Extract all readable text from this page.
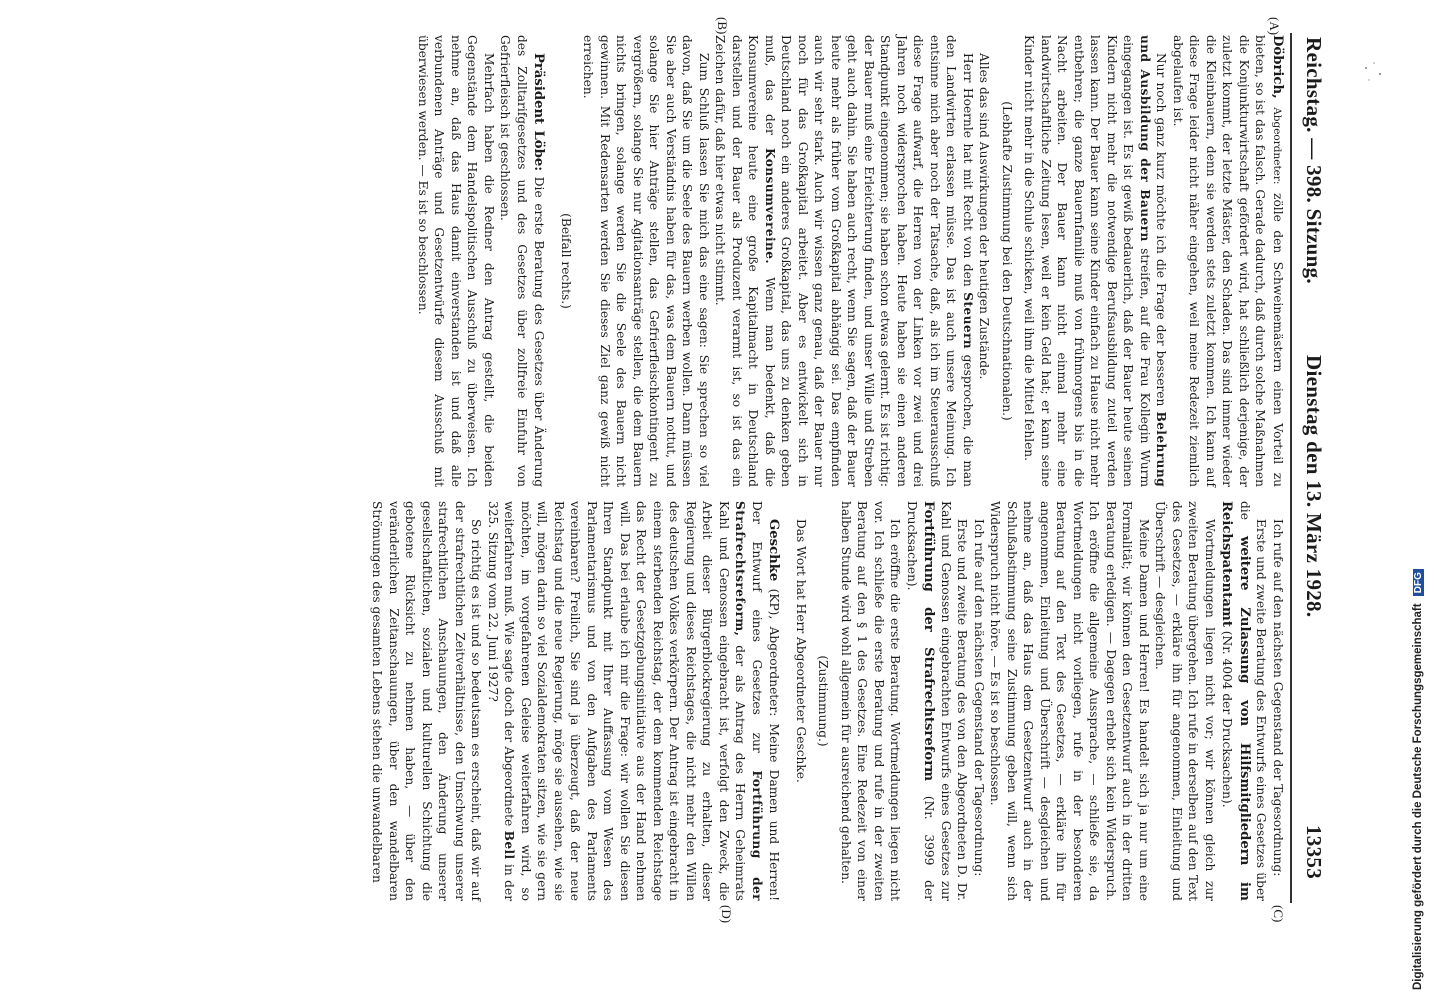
Reichstag. — 398. Sitzung.
Dienstag den 13. März 1928.
13353
(A)
(B)
(C)
(D)

Döbrich, Abgeordneter: zölle den Schweinemästern einen Vorteil zu bieten, so ist das falsch. Gerade dadurch, daß durch solche Maßnahmen die Konjunkturwirtschaft gefördert wird, hat schließlich derjenige, der zuletzt kommt, der letzte Mäster, den Schaden. Das sind immer wieder die Kleinbauern, denn sie werden stets zuletzt kommen. Ich kann auf diese Frage leider nicht näher eingehen, weil meine Redezeit ziemlich abgelaufen ist.

Nur noch ganz kurz möchte ich die Frage der besseren Belehrung und Ausbildung der Bauern streifen, auf die Frau Kollegin Wurm eingegangen ist. Es ist gewiß bedauerlich, daß der Bauer heute seinen Kindern nicht mehr die notwendige Berufsausbildung zuteil werden lassen kann. Der Bauer kann seine Kinder einfach zu Hause nicht mehr entbehren; die ganze Bauernfamilie muß von frühmorgens bis in die Nacht arbeiten. Der Bauer kann nicht einmal mehr eine landwirtschaftliche Zeitung lesen, weil er kein Geld hat; er kann seine Kinder nicht mehr in die Schule schicken, weil ihm die Mittel fehlen.

(Lebhafte Zustimmung bei den Deutschnationalen.)

Alles das sind Auswirkungen der heutigen Zustände.

Herr Hoernle hat mit Recht von den Steuern gesprochen, die man den Landwirten erlassen müsse. Das ist auch unsere Meinung. Ich entsinne mich aber noch der Tatsache, daß, als ich im Steuerausschuß diese Frage aufwarf, die Herren von der Linken vor zwei und drei Jahren noch widersprochen haben. Heute haben sie einen anderen Standpunkt eingenommen; sie haben schon etwas gelernt. Es ist richtig: der Bauer muß eine Erleichterung finden, und unser Wille und Streben geht auch dahin. Sie haben auch recht, wenn Sie sagen, daß der Bauer heute mehr als früher vom Großkapital abhängig sei. Das empfinden auch wir sehr stark. Auch wir wissen ganz genau, daß der Bauer nur noch für das Großkapital arbeitet. Aber es entwickelt sich in Deutschland noch ein anderes Großkapital, das uns zu denken geben muß, das der Konsumvereine. Wenn man bedenkt, daß die Konsumvereine heute eine große Kapitalmacht in Deutschland darstellen und der Bauer als Produzent verarmt ist, so ist das ein Zeichen dafür, daß hier etwas nicht stimmt.

Zum Schluß lassen Sie mich das eine sagen: Sie sprechen so viel davon, daß Sie um die Seele des Bauern werben wollen. Dann müssen Sie aber auch Verständnis haben für das, was dem Bauern nottut, und solange Sie hier Anträge stellen, das Gefrierfleischkontingent zu vergrößern, solange Sie nur Agitationsanträge stellen, die dem Bauern nichts bringen, solange werden Sie die Seele des Bauern nicht gewinnen. Mit Redensarten werden Sie dieses Ziel ganz gewiß nicht erreichen.

(Beifall rechts.)

Präsident Löbe: Die erste Beratung des Gesetzes über Änderung des Zolltarifgesetzes und des Gesetzes über zollfreie Einfuhr von Gefrierfleisch ist geschlossen.

Mehrfach haben die Redner den Antrag gestellt, die beiden Gegenstände dem Handelspolitischen Ausschuß zu überweisen. Ich nehme an, daß das Haus damit einverstanden ist und daß alle verbundenen Anträge und Gesetzentwürfe diesem Ausschuß mit überwiesen werden. — Es ist so beschlossen.

Ich rufe auf den nächsten Gegenstand der Tagesordnung:

Erste und zweite Beratung des Entwurfs eines Gesetzes über die weitere Zulassung von Hilfsmitgliedern im Reichspatentamt (Nr. 4004 der Drucksachen).

Wortmeldungen liegen nicht vor; wir können gleich zur zweiten Beratung übergehen. Ich rufe in derselben auf den Text des Gesetzes, — erkläre ihn für angenommen, Einleitung und Überschrift — desgleichen.

Meine Damen und Herren! Es handelt sich ja nur um eine Formalität; wir können den Gesetzentwurf auch in der dritten Beratung erledigen. — Dagegen erhebt sich kein Widerspruch. Ich eröffne die allgemeine Aussprache, — schließe sie, da Wortmeldungen nicht vorliegen, rufe in der besonderen Beratung auf den Text des Gesetzes, — erkläre ihn für angenommen, Einleitung und Überschrift — desgleichen und nehme an, daß das Haus dem Gesetzentwurf auch in der Schlußabstimmung seine Zustimmung geben will, wenn sich Widerspruch nicht höre. — Es ist so beschlossen.

Ich rufe auf den nächsten Gegenstand der Tagesordnung:

Erste und zweite Beratung des von den Abgeordneten D. Dr. Kahl und Genossen eingebrachten Entwurfs eines Gesetzes zur Fortführung der Strafrechtsreform (Nr. 3999 der Drucksachen).

Ich eröffne die erste Beratung. Wortmeldungen liegen nicht vor. Ich schließe die erste Beratung und rufe in der zweiten Beratung auf den § 1 des Gesetzes. Eine Redezeit von einer halben Stunde wird wohl allgemein für ausreichend gehalten.

(Zustimmung.)

Das Wort hat Herr Abgeordneter Geschke.

Geschke (KP), Abgeordneter: Meine Damen und Herren! Der Entwurf eines Gesetzes zur Fortführung der Strafrechtsreform, der als Antrag des Herrn Geheimrats Kahl und Genossen eingebracht ist, verfolgt den Zweck, die Arbeit dieser Bürgerblockregierung zu erhalten, dieser Regierung und dieses Reichstages, die nicht mehr den Willen des deutschen Volkes verkörpern. Der Antrag ist eingebracht in einem sterbenden Reichstag, der dem kommenden Reichstage das Recht der Gesetzgebungsinitiative aus der Hand nehmen will. Das bei erlaube ich mir die Frage: wir wollen Sie diesen Ihren Standpunkt mit Ihrer Auffassung vom Wesen des Parlamentarismus und von den Aufgaben des Parlaments vereinbaren? Freilich, Sie sind ja überzeugt, daß der neue Reichstag und die neue Regierung, möge sie aussehen, wie sie will, mögen darin so viel Sozialdemokraten sitzen, wie sie gern möchten, im vorgefahrenen Geleise weiterfahren wird, so weiterfahren muß. Wie sagte doch der Abgeordnete Bell in der 325. Sitzung vom 22. Juni 1927?

So richtig es ist und so bedeutsam es erscheint, daß wir auf der strafrechtlichen Zeitverhältnisse, den Umschwung unserer strafrechtlichen Anschauungen, den Änderung unserer gesellschaftlichen, sozialen und kulturellen Schichtung die gebotene Rücksicht zu nehmen haben, — über den veränderlichen Zeitanschauungen, über den wandelbaren Strömungen des gesamten Lebens stehen die unwandelbaren	Digitalisierung gefördert durch die Deutsche Forschungsgemeinschaft DFG
